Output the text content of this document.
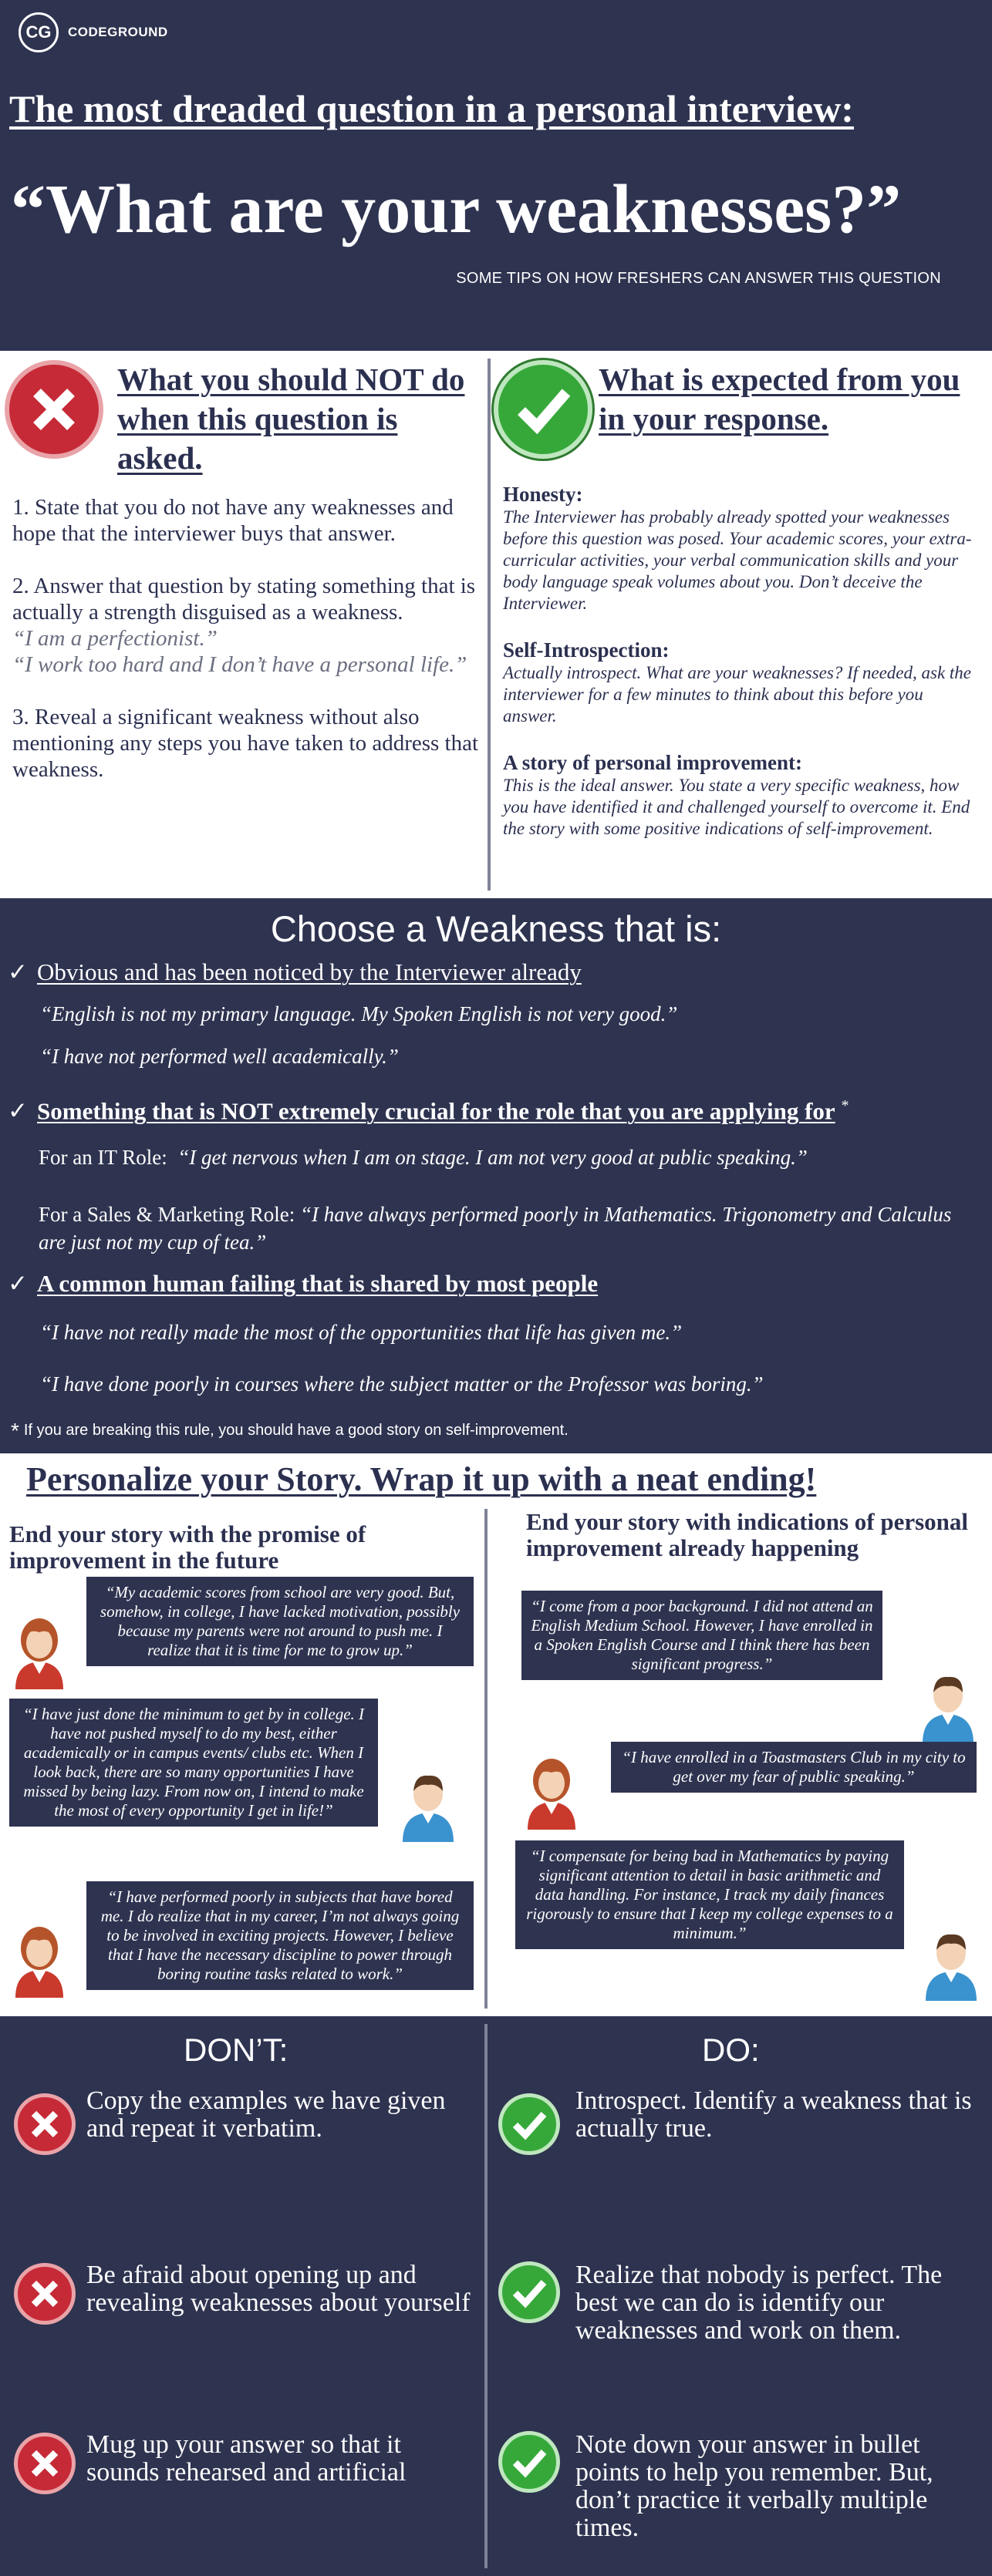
CG	CODEGROUND
The most dreaded question in a personal interview:
“What are your weaknesses?”
SOME TIPS ON HOW FRESHERS CAN ANSWER THIS QUESTION
What you should NOT do when this question is asked.
1. State that you do not have any weaknesses and hope that the interviewer buys that answer.
2. Answer that question by stating something that is actually a strength disguised as a weakness.
“I am a perfectionist.”
“I work too hard and I don’t have a personal life.”
3. Reveal a significant weakness without also mentioning any steps you have taken to address that weakness.
What is expected from you in your response.
Honesty:
The Interviewer has probably already spotted your weaknesses before this question was posed. Your academic scores, your extra-curricular activities, your verbal communication skills and your body language speak volumes about you. Don’t deceive the Interviewer.
Self-Introspection:
Actually introspect. What are your weaknesses? If needed, ask the interviewer for a few minutes to think about this before you answer.
A story of personal improvement:
This is the ideal answer. You state a very specific weakness, how you have identified it and challenged yourself to overcome it. End the story with some positive indications of self-improvement.
Choose a Weakness that is:
✓ Obvious and has been noticed by the Interviewer already
“English is not my primary language. My Spoken English is not very good.”
“I have not performed well academically.”
✓ Something that is NOT extremely crucial for the role that you are applying for *
For an IT Role: “I get nervous when I am on stage. I am not very good at public speaking.”
For a Sales & Marketing Role: “I have always performed poorly in Mathematics. Trigonometry and Calculus are just not my cup of tea.”
✓ A common human failing that is shared by most people
“I have not really made the most of the opportunities that life has given me.”
“I have done poorly in courses where the subject matter or the Professor was boring.”
* If you are breaking this rule, you should have a good story on self-improvement.
Personalize your Story. Wrap it up with a neat ending!
End your story with the promise of improvement in the future
End your story with indications of personal improvement already happening
“My academic scores from school are very good. But, somehow, in college, I have lacked motivation, possibly because my parents were not around to push me. I realize that it is time for me to grow up.”
“I have just done the minimum to get by in college. I have not pushed myself to do my best, either academically or in campus events/ clubs etc. When I look back, there are so many opportunities I have missed by being lazy. From now on, I intend to make the most of every opportunity I get in life!”
“I have performed poorly in subjects that have bored me. I do realize that in my career, I’m not always going to be involved in exciting projects. However, I believe that I have the necessary discipline to power through boring routine tasks related to work.”
“I come from a poor background. I did not attend an English Medium School. However, I have enrolled in a Spoken English Course and I think there has been significant progress.”
“I have enrolled in a Toastmasters Club in my city to get over my fear of public speaking.”
“I compensate for being bad in Mathematics by paying significant attention to detail in basic arithmetic and data handling. For instance, I track my daily finances rigorously to ensure that I keep my college expenses to a minimum.”
DON’T:	DO:
Copy the examples we have given and repeat it verbatim.
Be afraid about opening up and revealing weaknesses about yourself
Mug up your answer so that it sounds rehearsed and artificial
Introspect. Identify a weakness that is actually true.
Realize that nobody is perfect. The best we can do is identify our weaknesses and work on them.
Note down your answer in bullet points to help you remember. But, don’t practice it verbally multiple times.
